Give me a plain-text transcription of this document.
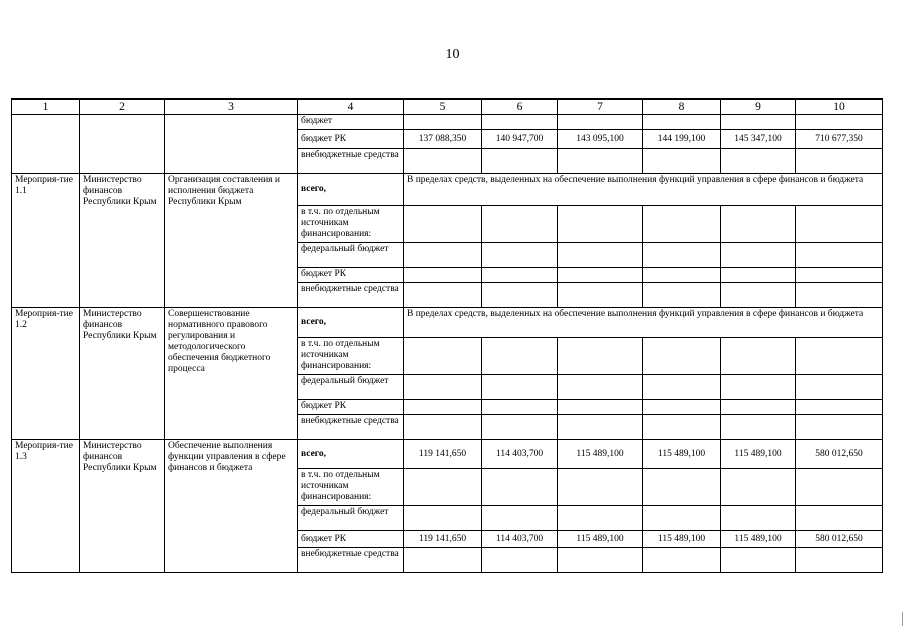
10
1	2	3	4	5	6	7	8	9	10
			бюджет						
			бюджет РК	137 088,350	140 947,700	143 095,100	144 199,100	145 347,100	710 677,350
			внебюджетные средства						
Мероприя-тие 1.1	Министерство финансов Республики Крым	Организация составления и исполнения бюджета Республики Крым	всего,	В пределах средств, выделенных на обеспечение выполнения функций управления в сфере финансов и бюджета					
			в т.ч. по отдельным источникам финансирования:						
			федеральный бюджет						
			бюджет РК						
			внебюджетные средства						
Мероприя-тие 1.2	Министерство финансов Республики Крым	Совершенствование нормативного правового регулирования и методологического обеспечения бюджетного процесса	всего,	В пределах средств, выделенных на обеспечение выполнения функций управления в сфере финансов и бюджета					
			в т.ч. по отдельным источникам финансирования:						
			федеральный бюджет						
			бюджет РК						
			внебюджетные средства						
Мероприя-тие 1.3	Министерство финансов Республики Крым	Обеспечение выполнения функции управления в сфере финансов и бюджета	всего,	119 141,650	114 403,700	115 489,100	115 489,100	115 489,100	580 012,650
			в т.ч. по отдельным источникам финансирования:						
			федеральный бюджет						
			бюджет РК	119 141,650	114 403,700	115 489,100	115 489,100	115 489,100	580 012,650
			внебюджетные средства						
